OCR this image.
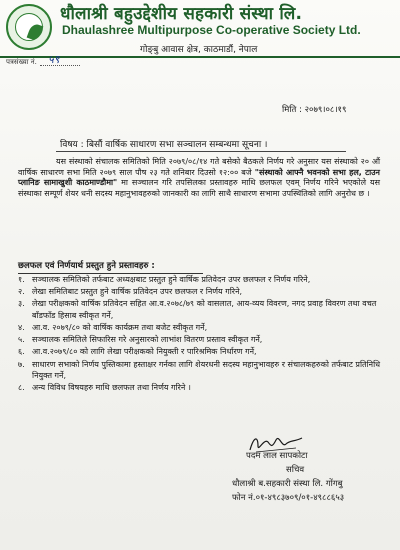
धौलाश्री बहुउद्देशीय सहकारी संस्था लि.
Dhaulashree Multipurpose Co-operative Society Ltd.
गोङ्बु आवास क्षेत्र, काठमाडौं, नेपाल
पत्रसंख्या नं. ५९
मिति : २०७९।०८।१९
विषय : बिसौं वार्षिक साधारण सभा सञ्चालन सम्बन्धमा सूचना ।

यस संस्थाको संचालक समितिको मिति २०७९/०८/१४ गते बसेको बैठकले निर्णय गरे अनुसार यस संस्थाको २० औं वार्षिक साधारण सभा मिति २०७९ साल पौष २३ गते शनिबार दिउसो १२:०० बजे "संस्थाको आफ्नै भवनको सभा हल, टाउन प्लानिङ सामाखुशी काठमाण्डौमा" मा सञ्चालन गरि तपसिलका प्रस्तावहरु माथि छलफल एवम् निर्णय गरिने भएकोले यस संस्थाका सम्पूर्ण शेयर धनी सदस्य महानुभावहरुको जानकारी का लागि साथै साधारण सभामा उपस्थितिको लागि अनुरोध छ ।

छलफल एवं निर्णयार्थ प्रस्तुत हुने प्रस्तावहरु :
१. सञ्चालक समितिको तर्फबाट अध्यक्षबाट प्रस्तुत हुने वार्षिक प्रतिवेदन उपर छलफल र निर्णय गरिने,
२. लेखा समितिबाट प्रस्तुत हुने वार्षिक प्रतिवेदन उपर छलफल र निर्णय गरिने,
३. लेखा परीक्षकको वार्षिक प्रतिवेदन सहित आ.व.२०७८/७९ को वासलात, आय-व्यय विवरण, नगद प्रवाह विवरण तथा वचत बाँडफाँड हिसाब स्वीकृत गर्ने,
४. आ.व. २०७९/८० को वार्षिक कार्यक्रम तथा बजेट स्वीकृत गर्ने,
५. सञ्चालक समितिले सिफारिस गरे अनुसारको लाभांश वितरण प्रस्ताव स्वीकृत गर्ने,
६. आ.व.२०७९/८० को लागि लेखा परीक्षकको नियुक्ती र पारिश्रमिक निर्धारण गर्ने,
७. साधारण सभाको निर्णय पुस्तिकामा हस्ताक्षर गर्नका लागि शेयरधनी सदस्य महानुभावहरु र संचालकहरुको तर्फबाट प्रतिनिधि नियुक्त गर्ने,
८. अन्य विविध विषयहरु माथि छलफल तथा निर्णय गरिने ।
पदम लाल सापकोटा
सचिव
धौलाश्री ब.सहकारी संस्था लि. गोंगबु
फोन नं.०१-४९८३७०९/०१-४९८८६५३
